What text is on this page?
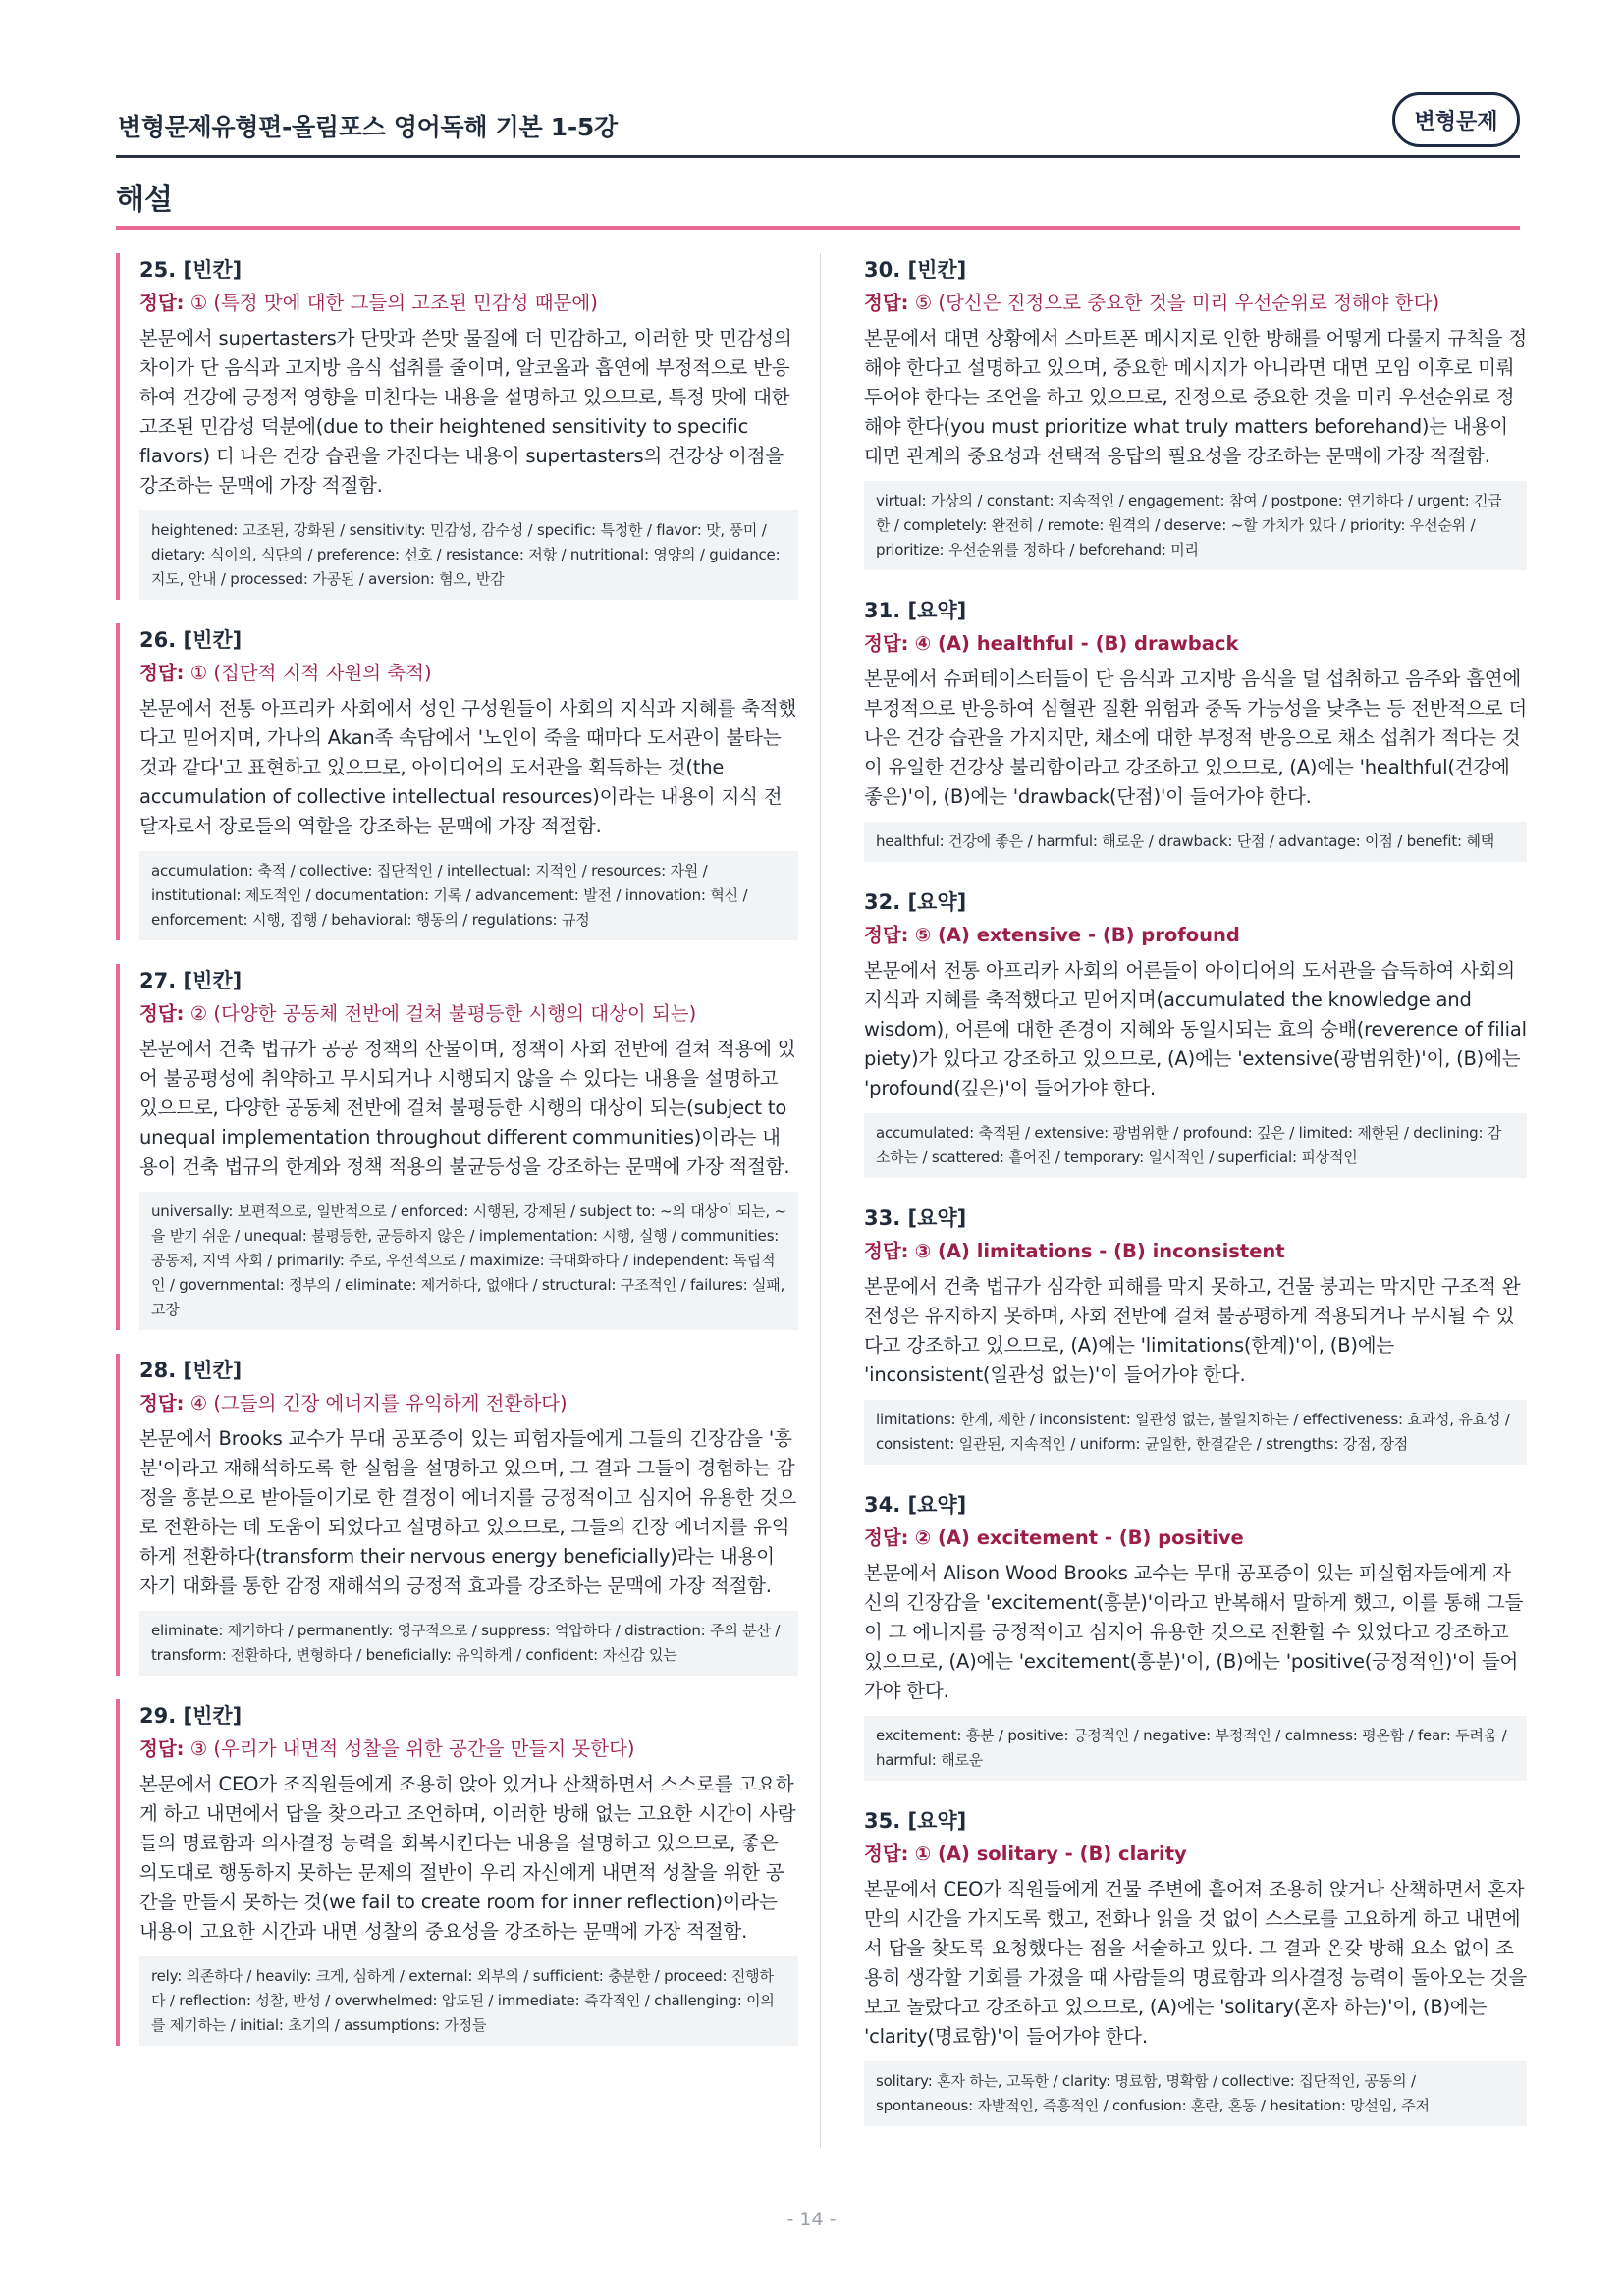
변형문제유형편-올림포스 영어독해 기본 1-5강	변형문제
해설
25. [빈칸]
정답: ① (특정 맛에 대한 그들의 고조된 민감성 때문에)
본문에서 supertasters가 단맛과 쓴맛 물질에 더 민감하고, 이러한 맛 민감성의 차이가 단 음식과 고지방 음식 섭취를 줄이며, 알코올과 흡연에 부정적으로 반응하여 건강에 긍정적 영향을 미친다는 내용을 설명하고 있으므로, 특정 맛에 대한 고조된 민감성 덕분에(due to their heightened sensitivity to specific flavors) 더 나은 건강 습관을 가진다는 내용이 supertasters의 건강상 이점을 강조하는 문맥에 가장 적절함.
heightened: 고조된, 강화된 / sensitivity: 민감성, 감수성 / specific: 특정한 / flavor: 맛, 풍미 / dietary: 식이의, 식단의 / preference: 선호 / resistance: 저항 / nutritional: 영양의 / guidance: 지도, 안내 / processed: 가공된 / aversion: 혐오, 반감
26. [빈칸]
정답: ① (집단적 지적 자원의 축적)
본문에서 전통 아프리카 사회에서 성인 구성원들이 사회의 지식과 지혜를 축적했다고 믿어지며, 가나의 Akan족 속담에서 '노인이 죽을 때마다 도서관이 불타는 것과 같다'고 표현하고 있으므로, 아이디어의 도서관을 획득하는 것(the accumulation of collective intellectual resources)이라는 내용이 지식 전달자로서 장로들의 역할을 강조하는 문맥에 가장 적절함.
accumulation: 축적 / collective: 집단적인 / intellectual: 지적인 / resources: 자원 / institutional: 제도적인 / documentation: 기록 / advancement: 발전 / innovation: 혁신 / enforcement: 시행, 집행 / behavioral: 행동의 / regulations: 규정
27. [빈칸]
정답: ② (다양한 공동체 전반에 걸쳐 불평등한 시행의 대상이 되는)
본문에서 건축 법규가 공공 정책의 산물이며, 정책이 사회 전반에 걸쳐 적용에 있어 불공평성에 취약하고 무시되거나 시행되지 않을 수 있다는 내용을 설명하고 있으므로, 다양한 공동체 전반에 걸쳐 불평등한 시행의 대상이 되는(subject to unequal implementation throughout different communities)이라는 내용이 건축 법규의 한계와 정책 적용의 불균등성을 강조하는 문맥에 가장 적절함.
universally: 보편적으로, 일반적으로 / enforced: 시행된, 강제된 / subject to: ~의 대상이 되는, ~을 받기 쉬운 / unequal: 불평등한, 균등하지 않은 / implementation: 시행, 실행 / communities: 공동체, 지역 사회 / primarily: 주로, 우선적으로 / maximize: 극대화하다 / independent: 독립적인 / governmental: 정부의 / eliminate: 제거하다, 없애다 / structural: 구조적인 / failures: 실패, 고장
28. [빈칸]
정답: ④ (그들의 긴장 에너지를 유익하게 전환하다)
본문에서 Brooks 교수가 무대 공포증이 있는 피험자들에게 그들의 긴장감을 '흥분'이라고 재해석하도록 한 실험을 설명하고 있으며, 그 결과 그들이 경험하는 감정을 흥분으로 받아들이기로 한 결정이 에너지를 긍정적이고 심지어 유용한 것으로 전환하는 데 도움이 되었다고 설명하고 있으므로, 그들의 긴장 에너지를 유익하게 전환하다(transform their nervous energy beneficially)라는 내용이 자기 대화를 통한 감정 재해석의 긍정적 효과를 강조하는 문맥에 가장 적절함.
eliminate: 제거하다 / permanently: 영구적으로 / suppress: 억압하다 / distraction: 주의 분산 / transform: 전환하다, 변형하다 / beneficially: 유익하게 / confident: 자신감 있는
29. [빈칸]
정답: ③ (우리가 내면적 성찰을 위한 공간을 만들지 못한다)
본문에서 CEO가 조직원들에게 조용히 앉아 있거나 산책하면서 스스로를 고요하게 하고 내면에서 답을 찾으라고 조언하며, 이러한 방해 없는 고요한 시간이 사람들의 명료함과 의사결정 능력을 회복시킨다는 내용을 설명하고 있으므로, 좋은 의도대로 행동하지 못하는 문제의 절반이 우리 자신에게 내면적 성찰을 위한 공간을 만들지 못하는 것(we fail to create room for inner reflection)이라는 내용이 고요한 시간과 내면 성찰의 중요성을 강조하는 문맥에 가장 적절함.
rely: 의존하다 / heavily: 크게, 심하게 / external: 외부의 / sufficient: 충분한 / proceed: 진행하다 / reflection: 성찰, 반성 / overwhelmed: 압도된 / immediate: 즉각적인 / challenging: 이의를 제기하는 / initial: 초기의 / assumptions: 가정들
30. [빈칸]
정답: ⑤ (당신은 진정으로 중요한 것을 미리 우선순위로 정해야 한다)
본문에서 대면 상황에서 스마트폰 메시지로 인한 방해를 어떻게 다룰지 규칙을 정해야 한다고 설명하고 있으며, 중요한 메시지가 아니라면 대면 모임 이후로 미뤄두어야 한다는 조언을 하고 있으므로, 진정으로 중요한 것을 미리 우선순위로 정해야 한다(you must prioritize what truly matters beforehand)는 내용이 대면 관계의 중요성과 선택적 응답의 필요성을 강조하는 문맥에 가장 적절함.
virtual: 가상의 / constant: 지속적인 / engagement: 참여 / postpone: 연기하다 / urgent: 긴급한 / completely: 완전히 / remote: 원격의 / deserve: ~할 가치가 있다 / priority: 우선순위 / prioritize: 우선순위를 정하다 / beforehand: 미리
31. [요약]
정답: ④ (A) healthful - (B) drawback
본문에서 슈퍼테이스터들이 단 음식과 고지방 음식을 덜 섭취하고 음주와 흡연에 부정적으로 반응하여 심혈관 질환 위험과 중독 가능성을 낮추는 등 전반적으로 더 나은 건강 습관을 가지지만, 채소에 대한 부정적 반응으로 채소 섭취가 적다는 것이 유일한 건강상 불리함이라고 강조하고 있으므로, (A)에는 'healthful(건강에 좋은)'이, (B)에는 'drawback(단점)'이 들어가야 한다.
healthful: 건강에 좋은 / harmful: 해로운 / drawback: 단점 / advantage: 이점 / benefit: 혜택
32. [요약]
정답: ⑤ (A) extensive - (B) profound
본문에서 전통 아프리카 사회의 어른들이 아이디어의 도서관을 습득하여 사회의 지식과 지혜를 축적했다고 믿어지며(accumulated the knowledge and wisdom), 어른에 대한 존경이 지혜와 동일시되는 효의 숭배(reverence of filial piety)가 있다고 강조하고 있으므로, (A)에는 'extensive(광범위한)'이, (B)에는 'profound(깊은)'이 들어가야 한다.
accumulated: 축적된 / extensive: 광범위한 / profound: 깊은 / limited: 제한된 / declining: 감소하는 / scattered: 흩어진 / temporary: 일시적인 / superficial: 피상적인
33. [요약]
정답: ③ (A) limitations - (B) inconsistent
본문에서 건축 법규가 심각한 피해를 막지 못하고, 건물 붕괴는 막지만 구조적 완전성은 유지하지 못하며, 사회 전반에 걸쳐 불공평하게 적용되거나 무시될 수 있다고 강조하고 있으므로, (A)에는 'limitations(한계)'이, (B)에는 'inconsistent(일관성 없는)'이 들어가야 한다.
limitations: 한계, 제한 / inconsistent: 일관성 없는, 불일치하는 / effectiveness: 효과성, 유효성 / consistent: 일관된, 지속적인 / uniform: 균일한, 한결같은 / strengths: 강점, 장점
34. [요약]
정답: ② (A) excitement - (B) positive
본문에서 Alison Wood Brooks 교수는 무대 공포증이 있는 피실험자들에게 자신의 긴장감을 'excitement(흥분)'이라고 반복해서 말하게 했고, 이를 통해 그들이 그 에너지를 긍정적이고 심지어 유용한 것으로 전환할 수 있었다고 강조하고 있으므로, (A)에는 'excitement(흥분)'이, (B)에는 'positive(긍정적인)'이 들어가야 한다.
excitement: 흥분 / positive: 긍정적인 / negative: 부정적인 / calmness: 평온함 / fear: 두려움 / harmful: 해로운
35. [요약]
정답: ① (A) solitary - (B) clarity
본문에서 CEO가 직원들에게 건물 주변에 흩어져 조용히 앉거나 산책하면서 혼자만의 시간을 가지도록 했고, 전화나 읽을 것 없이 스스로를 고요하게 하고 내면에서 답을 찾도록 요청했다는 점을 서술하고 있다. 그 결과 온갖 방해 요소 없이 조용히 생각할 기회를 가졌을 때 사람들의 명료함과 의사결정 능력이 돌아오는 것을 보고 놀랐다고 강조하고 있으므로, (A)에는 'solitary(혼자 하는)'이, (B)에는 'clarity(명료함)'이 들어가야 한다.
solitary: 혼자 하는, 고독한 / clarity: 명료함, 명확함 / collective: 집단적인, 공동의 / spontaneous: 자발적인, 즉흥적인 / confusion: 혼란, 혼동 / hesitation: 망설임, 주저
- 14 -
